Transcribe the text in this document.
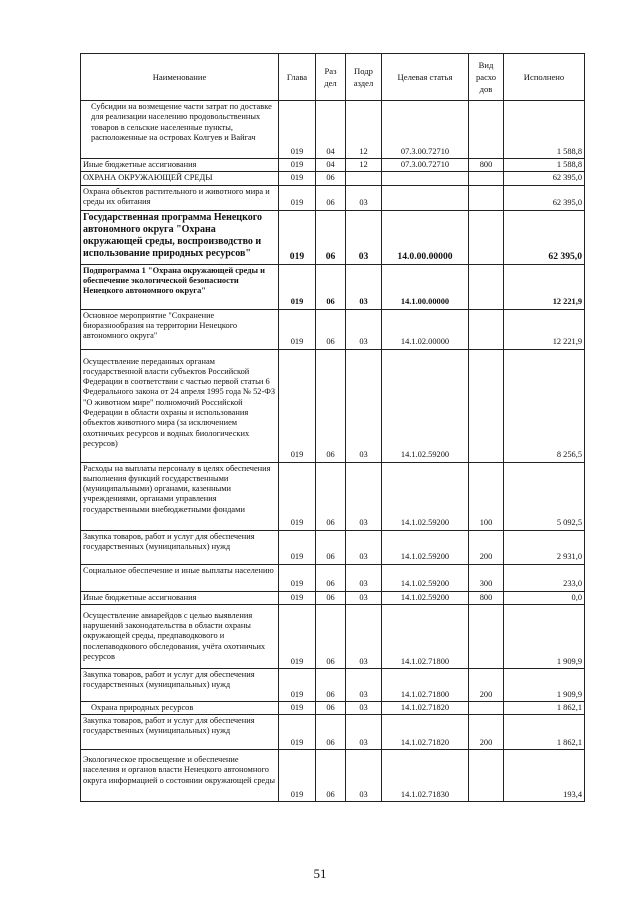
Наименование	Глава	Раз дел	Подр аздел	Целевая статья	Вид расхо дов	Исполнено
Субсидии на возмещение части затрат по доставке для реализации населению продовольственных товаров в сельские населенные пункты, расположенные на островах Колгуев и Вайгач	019	04	12	07.3.00.72710		1 588,8
Иные бюджетные ассигнования	019	04	12	07.3.00.72710	800	1 588,8
ОХРАНА ОКРУЖАЮЩЕЙ СРЕДЫ	019	06				62 395,0
Охрана объектов растительного и животного мира и среды их обитания	019	06	03			62 395,0
Государственная программа Ненецкого автономного округа "Охрана окружающей среды, воспроизводство и использование природных ресурсов"	019	06	03	14.0.00.00000		62 395,0
Подпрограмма 1 "Охрана окружающей среды и обеспечение экологической безопасности Ненецкого автономного округа"	019	06	03	14.1.00.00000		12 221,9
Основное мероприятие "Сохранение биоразнообразия на территории Ненецкого автономного округа"	019	06	03	14.1.02.00000		12 221,9
Осуществление переданных органам государственной власти субъектов Российской Федерации в соответствии с частью первой статьи 6 Федерального закона от 24 апреля 1995 года № 52-ФЗ "О животном мире" полномочий Российской Федерации в области охраны и использования объектов животного мира (за исключением охотничьих ресурсов и водных биологических ресурсов)	019	06	03	14.1.02.59200		8 256,5
Расходы на выплаты персоналу в целях обеспечения выполнения функций государственными (муниципальными) органами, казенными учреждениями, органами управления государственными внебюджетными фондами	019	06	03	14.1.02.59200	100	5 092,5
Закупка товаров, работ и услуг для обеспечения государственных (муниципальных) нужд	019	06	03	14.1.02.59200	200	2 931,0
Социальное обеспечение и иные выплаты населению	019	06	03	14.1.02.59200	300	233,0
Иные бюджетные ассигнования	019	06	03	14.1.02.59200	800	0,0
Осуществление авиарейдов с целью выявления нарушений законодательства в области охраны окружающей среды, предпаводкового и послепаводкового обследования, учёта охотничьих ресурсов	019	06	03	14.1.02.71800		1 909,9
Закупка товаров, работ и услуг для обеспечения государственных (муниципальных) нужд	019	06	03	14.1.02.71800	200	1 909,9
Охрана природных ресурсов	019	06	03	14.1.02.71820		1 862,1
Закупка товаров, работ и услуг для обеспечения государственных (муниципальных) нужд	019	06	03	14.1.02.71820	200	1 862,1
Экологическое просвещение и обеспечение населения и органов власти Ненецкого автономного округа информацией о состоянии окружающей среды	019	06	03	14.1.02.71830		193,4
51
